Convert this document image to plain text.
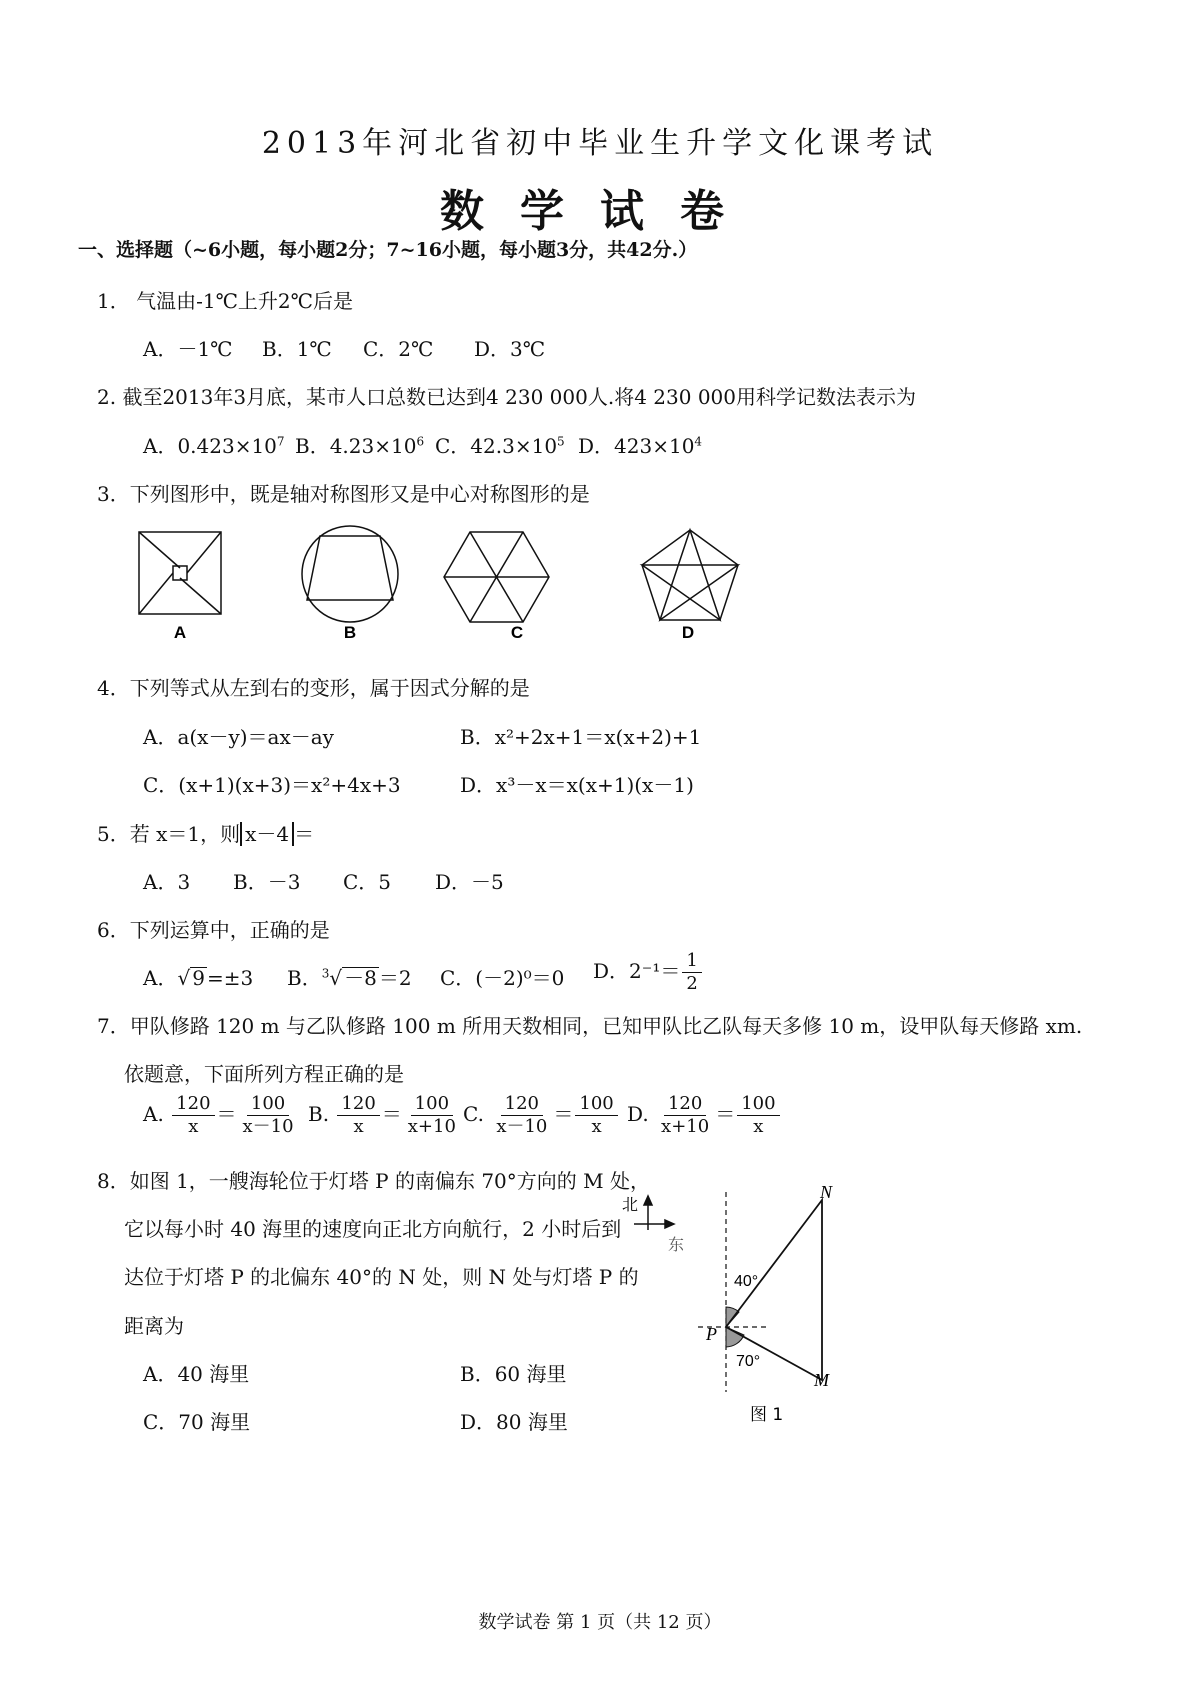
2013年河北省初中毕业生升学文化课考试
数学试卷
一、选择题（~6小题，每小题2分；7~16小题，每小题3分，共42分.）
1． 气温由-1℃上升2℃后是
A．－1℃ B．1℃ C．2℃ D．3℃
2. 截至2013年3月底，某市人口总数已达到4 230 000人.将4 230 000用科学记数法表示为
A．$0.423\times 10^7$ B．$4.23\times 10^6$ C．$42.3\times 10^5$ D．$423\times 10^4$
3．下列图形中，既是轴对称图形又是中心对称图形的是
A	B	C	D
4．下列等式从左到右的变形，属于因式分解的是
A．a(x－y)＝ax－ay	B．x²+2x+1＝x(x+2)+1
C．(x+1)(x+3)＝x²+4x+3	D．x³－x＝x(x+1)(x－1)
5．若 x＝1，则 x－4 ＝
A．3 B．－3 C．5 D．－5
6．下列运算中，正确的是
A．√ 9 =±3 B．$^3$√ －8 ＝2 C．(－2)⁰＝0 D．$2^{-1}= \frac{1}{2}$
7．甲队修路 120 m 与乙队修路 100 m 所用天数相同，已知甲队比乙队每天多修 10 m，设甲队每天修路 xm.
依题意，下面所列方程正确的是
A. $\frac{120}{x} = \frac{100}{x-10} B$. $\frac{120}{x} = \frac{100}{x+10} C$. $\frac{120}{x-10} = \frac{100}{x} D$. $\frac{120}{x+10} = \frac{100}{x}$
8．如图 1，一艘海轮位于灯塔 P 的南偏东 70°方向的 M 处，
它以每小时 40 海里的速度向正北方向航行，2 小时后到
达位于灯塔 P 的北偏东 40°的 N 处，则 N 处与灯塔 P 的
距离为
A．40 海里	B．60 海里
C．70 海里	D．80 海里
北
东
40°
70°
P
N
M
图 1
数学试卷 第 1 页（共 12 页）
